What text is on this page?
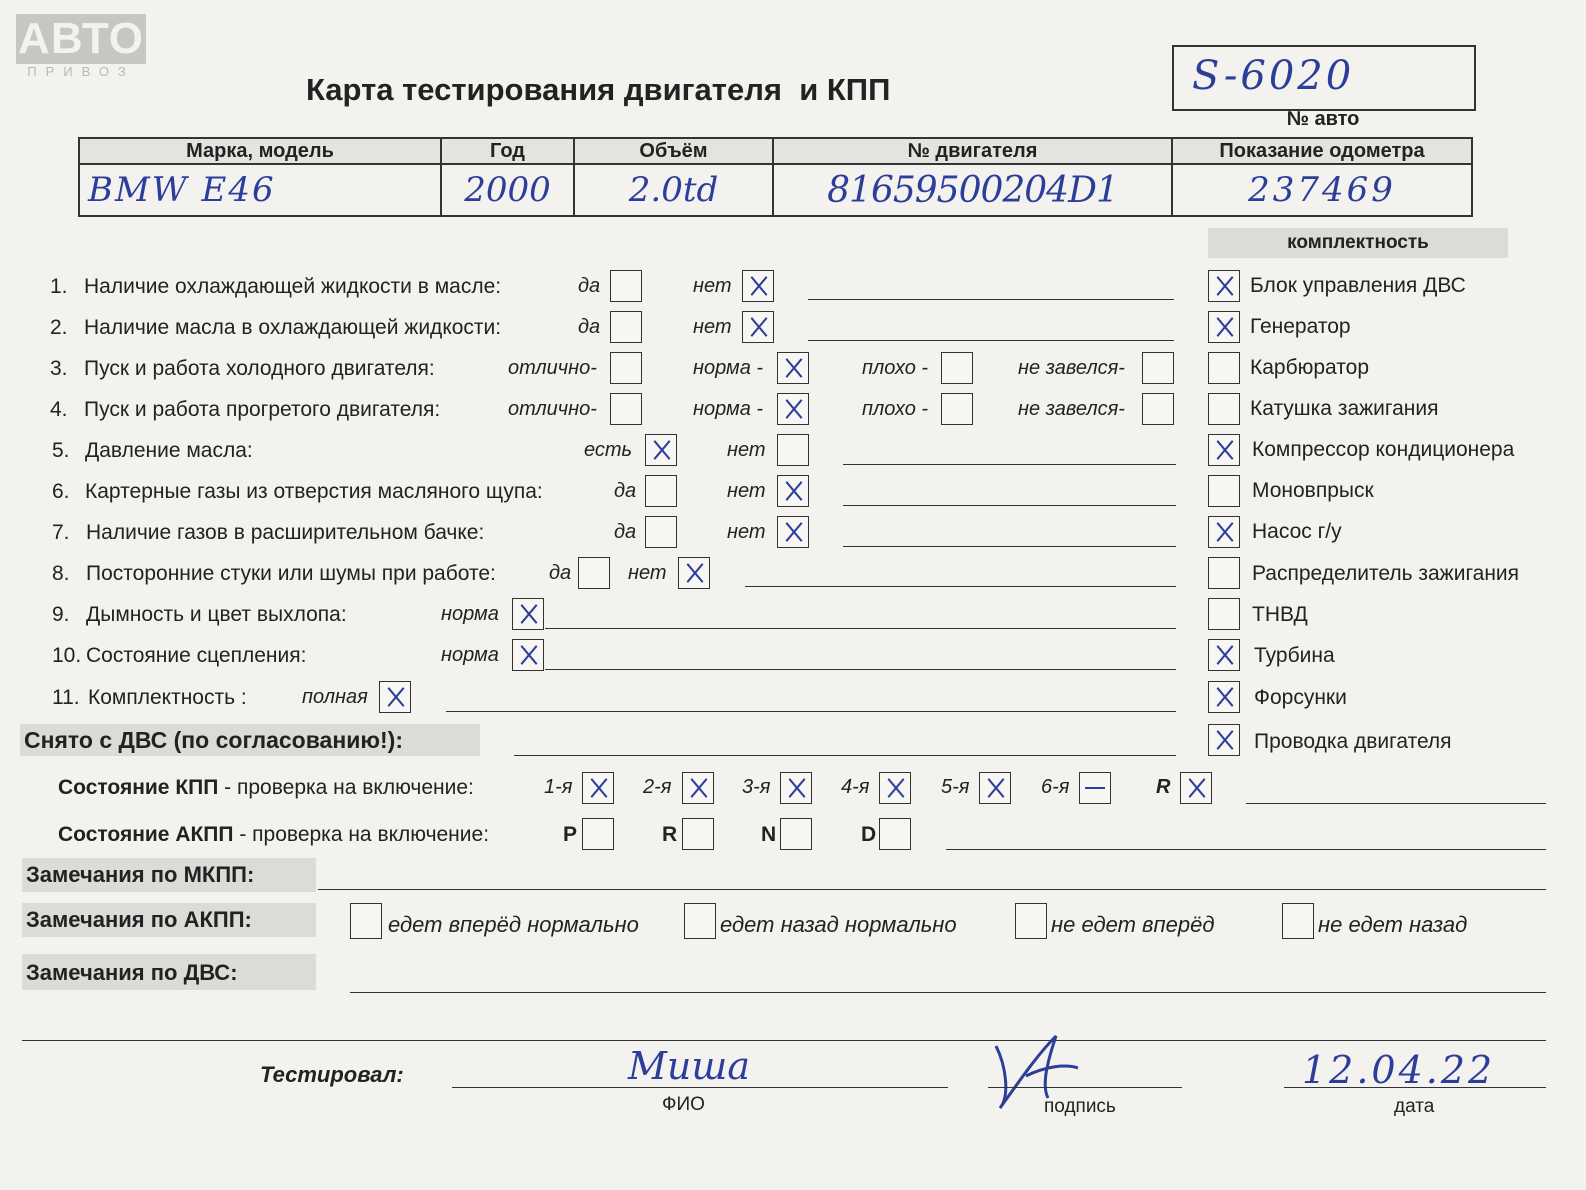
АВТО
ПРИВОЗ
Карта тестирования двигателя  и КПП	S-6020
№ авто
Марка, модель	Год	Объём	№ двигателя	Показание одометра
BMW E46	2000	2.0td	81659500204D1	237469
комплектность
1. Наличие охлаждающей жидкости в масле:	да	нет
2. Наличие масла в охлаждающей жидкости:	да	нет
3. Пуск и работа холодного двигателя:	отлично-	норма -	плохо -	не завелся-
4. Пуск и работа прогретого двигателя:	отлично-	норма -	плохо -	не завелся-
5. Давление масла:	есть	нет
6. Картерные газы из отверстия масляного щупа:	да	нет
7. Наличие газов в расширительном бачке:	да	нет
8. Посторонние стуки или шумы при работе:	да	нет
9. Дымность и цвет выхлопа:	норма
10. Состояние сцепления:	норма
11. Комплектность :	полная
Блок управления ДВС
Генератор
Карбюратор
Катушка зажигания
Компрессор кондиционера
Моновпрыск
Насос г/у
Распределитель зажигания
ТНВД
Турбина
Форсунки
Проводка двигателя
Снято с ДВС (по согласованию!):
Состояние КПП - проверка на включение:	1-я	2-я	3-я	4-я	5-я	6-я	R
Состояние АКПП - проверка на включение:	P	R	N	D
Замечания по МКПП:
Замечания по АКПП:	едет вперёд нормально	едет назад нормально	не едет вперёд	не едет назад
Замечания по ДВС:
Тестировал:	Миша
ФИО	подпись
12.04.22
дата
